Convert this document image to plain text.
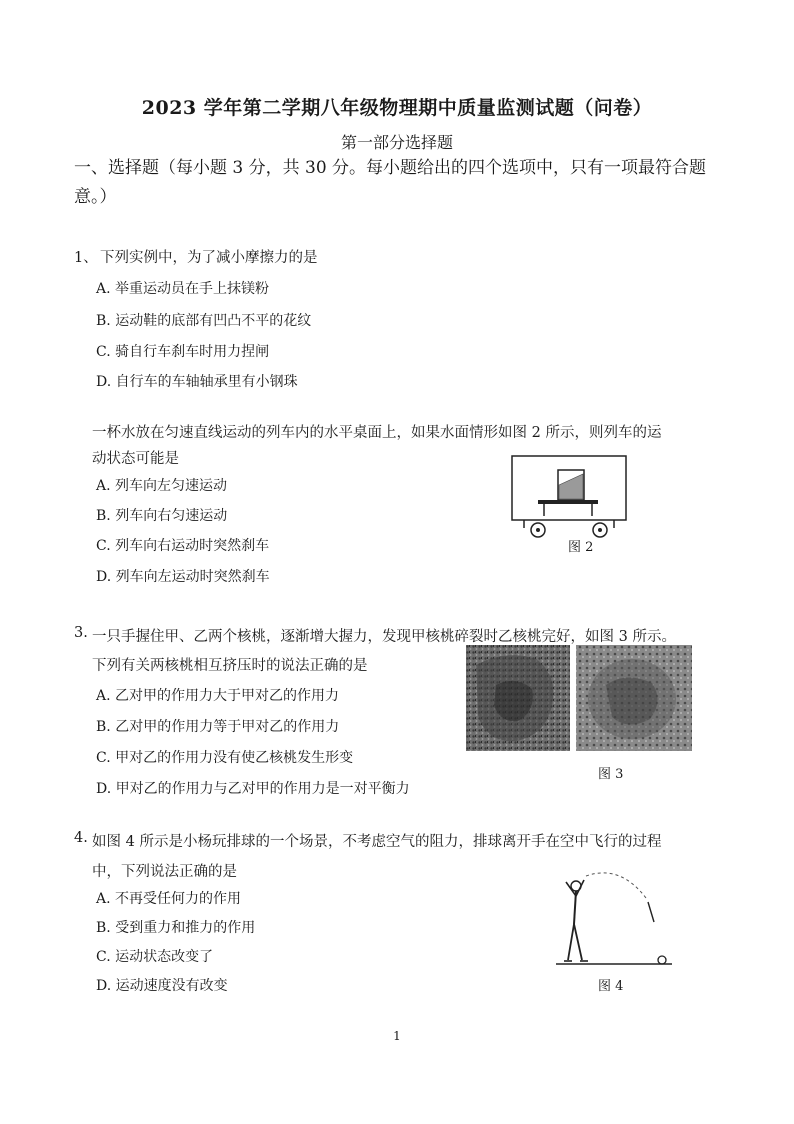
2023 学年第二学期八年级物理期中质量监测试题（问卷）
第一部分选择题
一、选择题（每小题 3 分，共 30 分。每小题给出的四个选项中，只有一项最符合题意。）
1、 下列实例中，为了减小摩擦力的是
A. 举重运动员在手上抹镁粉
B. 运动鞋的底部有凹凸不平的花纹
C. 骑自行车刹车时用力捏闸
D. 自行车的车轴轴承里有小钢珠
一杯水放在匀速直线运动的列车内的水平桌面上，如果水面情形如图 2 所示，则列车的运
动状态可能是
A. 列车向左匀速运动
B. 列车向右匀速运动
C. 列车向右运动时突然刹车
D. 列车向左运动时突然刹车
图 2
3. 一只手握住甲、乙两个核桃，逐渐增大握力，发现甲核桃碎裂时乙核桃完好，如图 3 所示。
下列有关两核桃相互挤压时的说法正确的是
A. 乙对甲的作用力大于甲对乙的作用力
B. 乙对甲的作用力等于甲对乙的作用力
C. 甲对乙的作用力没有使乙核桃发生形变
D. 甲对乙的作用力与乙对甲的作用力是一对平衡力
图 3
4. 如图 4 所示是小杨玩排球的一个场景，不考虑空气的阻力，排球离开手在空中飞行的过程
中，下列说法正确的是
A. 不再受任何力的作用
B. 受到重力和推力的作用
C. 运动状态改变了
D. 运动速度没有改变	图 4
1
